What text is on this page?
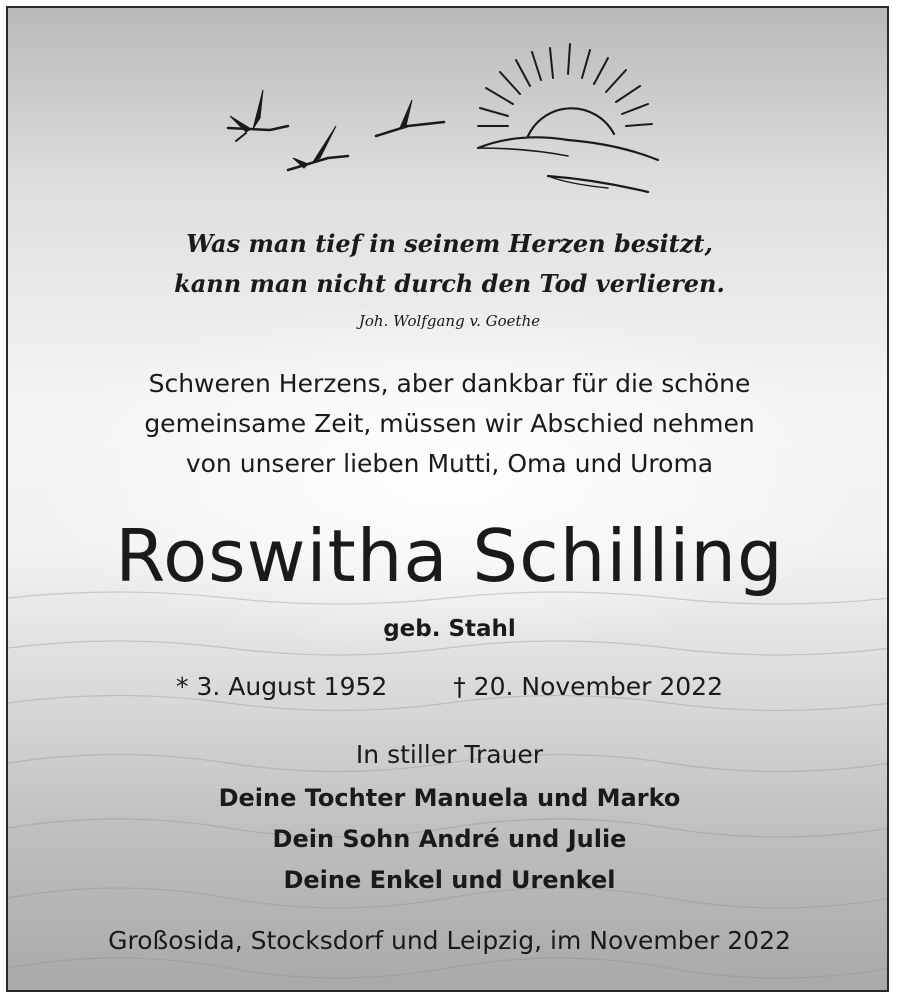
Was man tief in seinem Herzen besitzt,

kann man nicht durch den Tod verlieren.

Joh. Wolfgang v. Goethe

Schweren Herzens, aber dankbar für die schöne

gemeinsame Zeit, müssen wir Abschied nehmen

von unserer lieben Mutti, Oma und Uroma

Roswitha Schilling

geb. Stahl

* 3. August 1952	† 20. November 2022

In stiller Trauer

Deine Tochter Manuela und Marko

Dein Sohn André und Julie

Deine Enkel und Urenkel

Großosida, Stocksdorf und Leipzig, im November 2022
